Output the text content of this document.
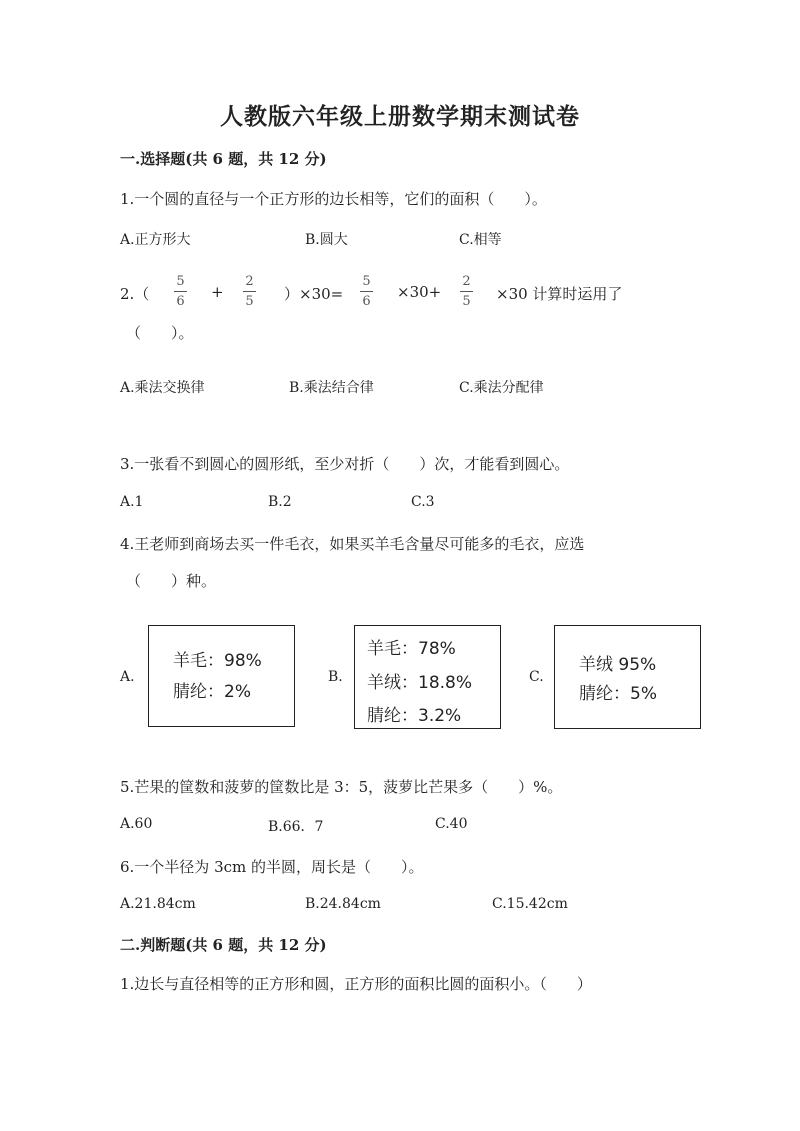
人教版六年级上册数学期末测试卷
一.选择题(共 6 题，共 12 分)
1.一个圆的直径与一个正方形的边长相等，它们的面积（　　）。
A.正方形大	B.圆大	C.相等
2.（
5
6
+
2
5 ）×30=
5
6
×30+
2
5 ×30 计算时运用了
（　　）。
A.乘法交换律	B.乘法结合律	C.乘法分配律
3.一张看不到圆心的圆形纸，至少对折（　　）次，才能看到圆心。
A.1	B.2	C.3
4.王老师到商场去买一件毛衣，如果买羊毛含量尽可能多的毛衣，应选
（　　）种。
A.
羊毛：98%
腈纶：2%
B.
羊毛：78%
羊绒：18.8%
腈纶：3.2%
C.
羊绒 95%
腈纶：5%
5.芒果的筐数和菠萝的筐数比是 3：5，菠萝比芒果多（　　）%。
A.60	B.66．7	C.40
6.一个半径为 3cm 的半圆，周长是（　　）。
A.21.84cm	B.24.84cm	C.15.42cm
二.判断题(共 6 题，共 12 分)
1.边长与直径相等的正方形和圆，正方形的面积比圆的面积小。（　　）
